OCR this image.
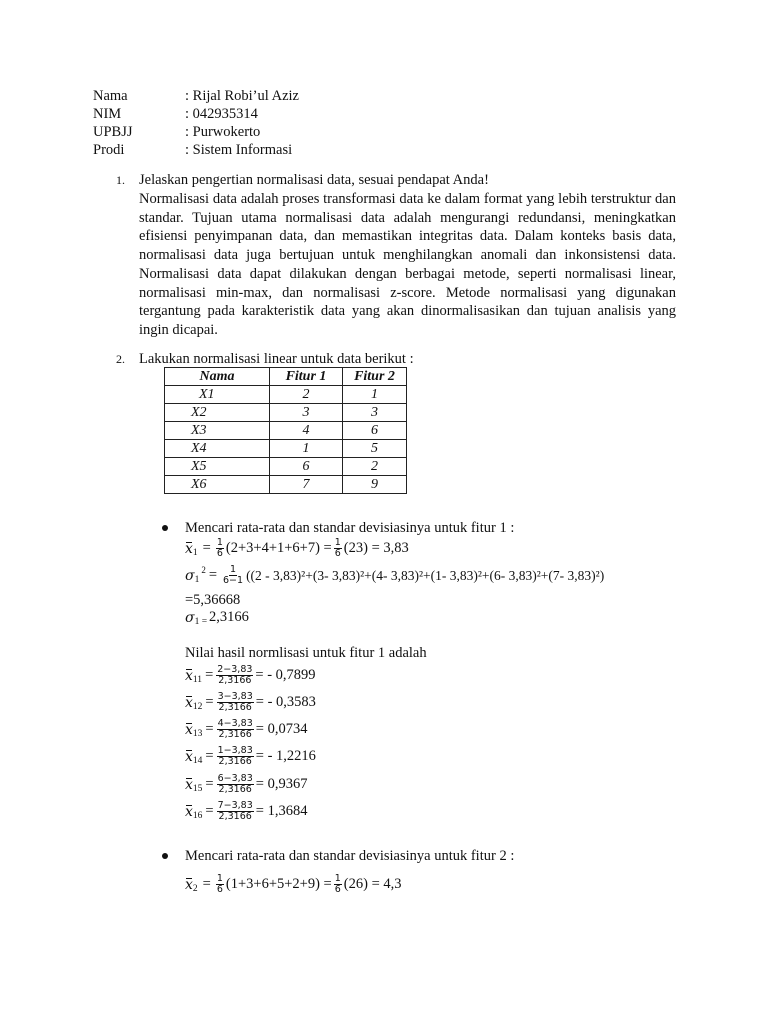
Nama	: Rijal Robi’ul Aziz
NIM	: 042935314
UPBJJ	: Purwokerto
Prodi	: Sistem Informasi
1. Jelaskan pengertian normalisasi data, sesuai pendapat Anda!
Normalisasi data adalah proses transformasi data ke dalam format yang lebih terstruktur dan standar. Tujuan utama normalisasi data adalah mengurangi redundansi, meningkatkan efisiensi penyimpanan data, dan memastikan integritas data. Dalam konteks basis data, normalisasi data juga bertujuan untuk menghilangkan anomali dan inkonsistensi data. Normalisasi data dapat dilakukan dengan berbagai metode, seperti normalisasi linear, normalisasi min-max, dan normalisasi z-score. Metode normalisasi yang digunakan tergantung pada karakteristik data yang akan dinormalisasikan dan tujuan analisis yang ingin dicapai.
2. Lakukan normalisasi linear untuk data berikut :
Nama	Fitur 1	Fitur 2
X1	2	1
X2	3	3
X3	4	6
X4	1	5
X5	6	2
X6	7	9
Mencari rata-rata dan standar devisiasinya untuk fitur 1 :
x $1 = \frac{1}{6} (2+3+4+1+6+7) = \frac{1}{6} (23) = 3,83$
σ 1
$2 = \frac{1}{6-1} ((2 - 3,83)^2+(3-$ 3,83)²+(4- 3,83)²+(1- 3,83)²+(6- 3,83)²+(7- 3,83)²)
=5,36668
σ 1 = 2,3166
Nilai hasil normlisasi untuk fitur 1 adalah
x $11 = \frac{2-3,83}{2,3166}$ = - 0,7899
x $12 = \frac{3-3,83}{2,3166}$ = - 0,3583
x $13 = \frac{4-3,83}{2,3166} = 0,0734$
x $14 = \frac{1-3,83}{2,3166}$ = - 1,2216
x $15 = \frac{6-3,83}{2,3166} = 0,9367$
x $16 = \frac{7-3,83}{2,3166} = 1,3684$
Mencari rata-rata dan standar devisiasinya untuk fitur 2 :
x $2 = \frac{1}{6} (1+3+6+5+2+9) = \frac{1}{6} (26) = 4,3$
